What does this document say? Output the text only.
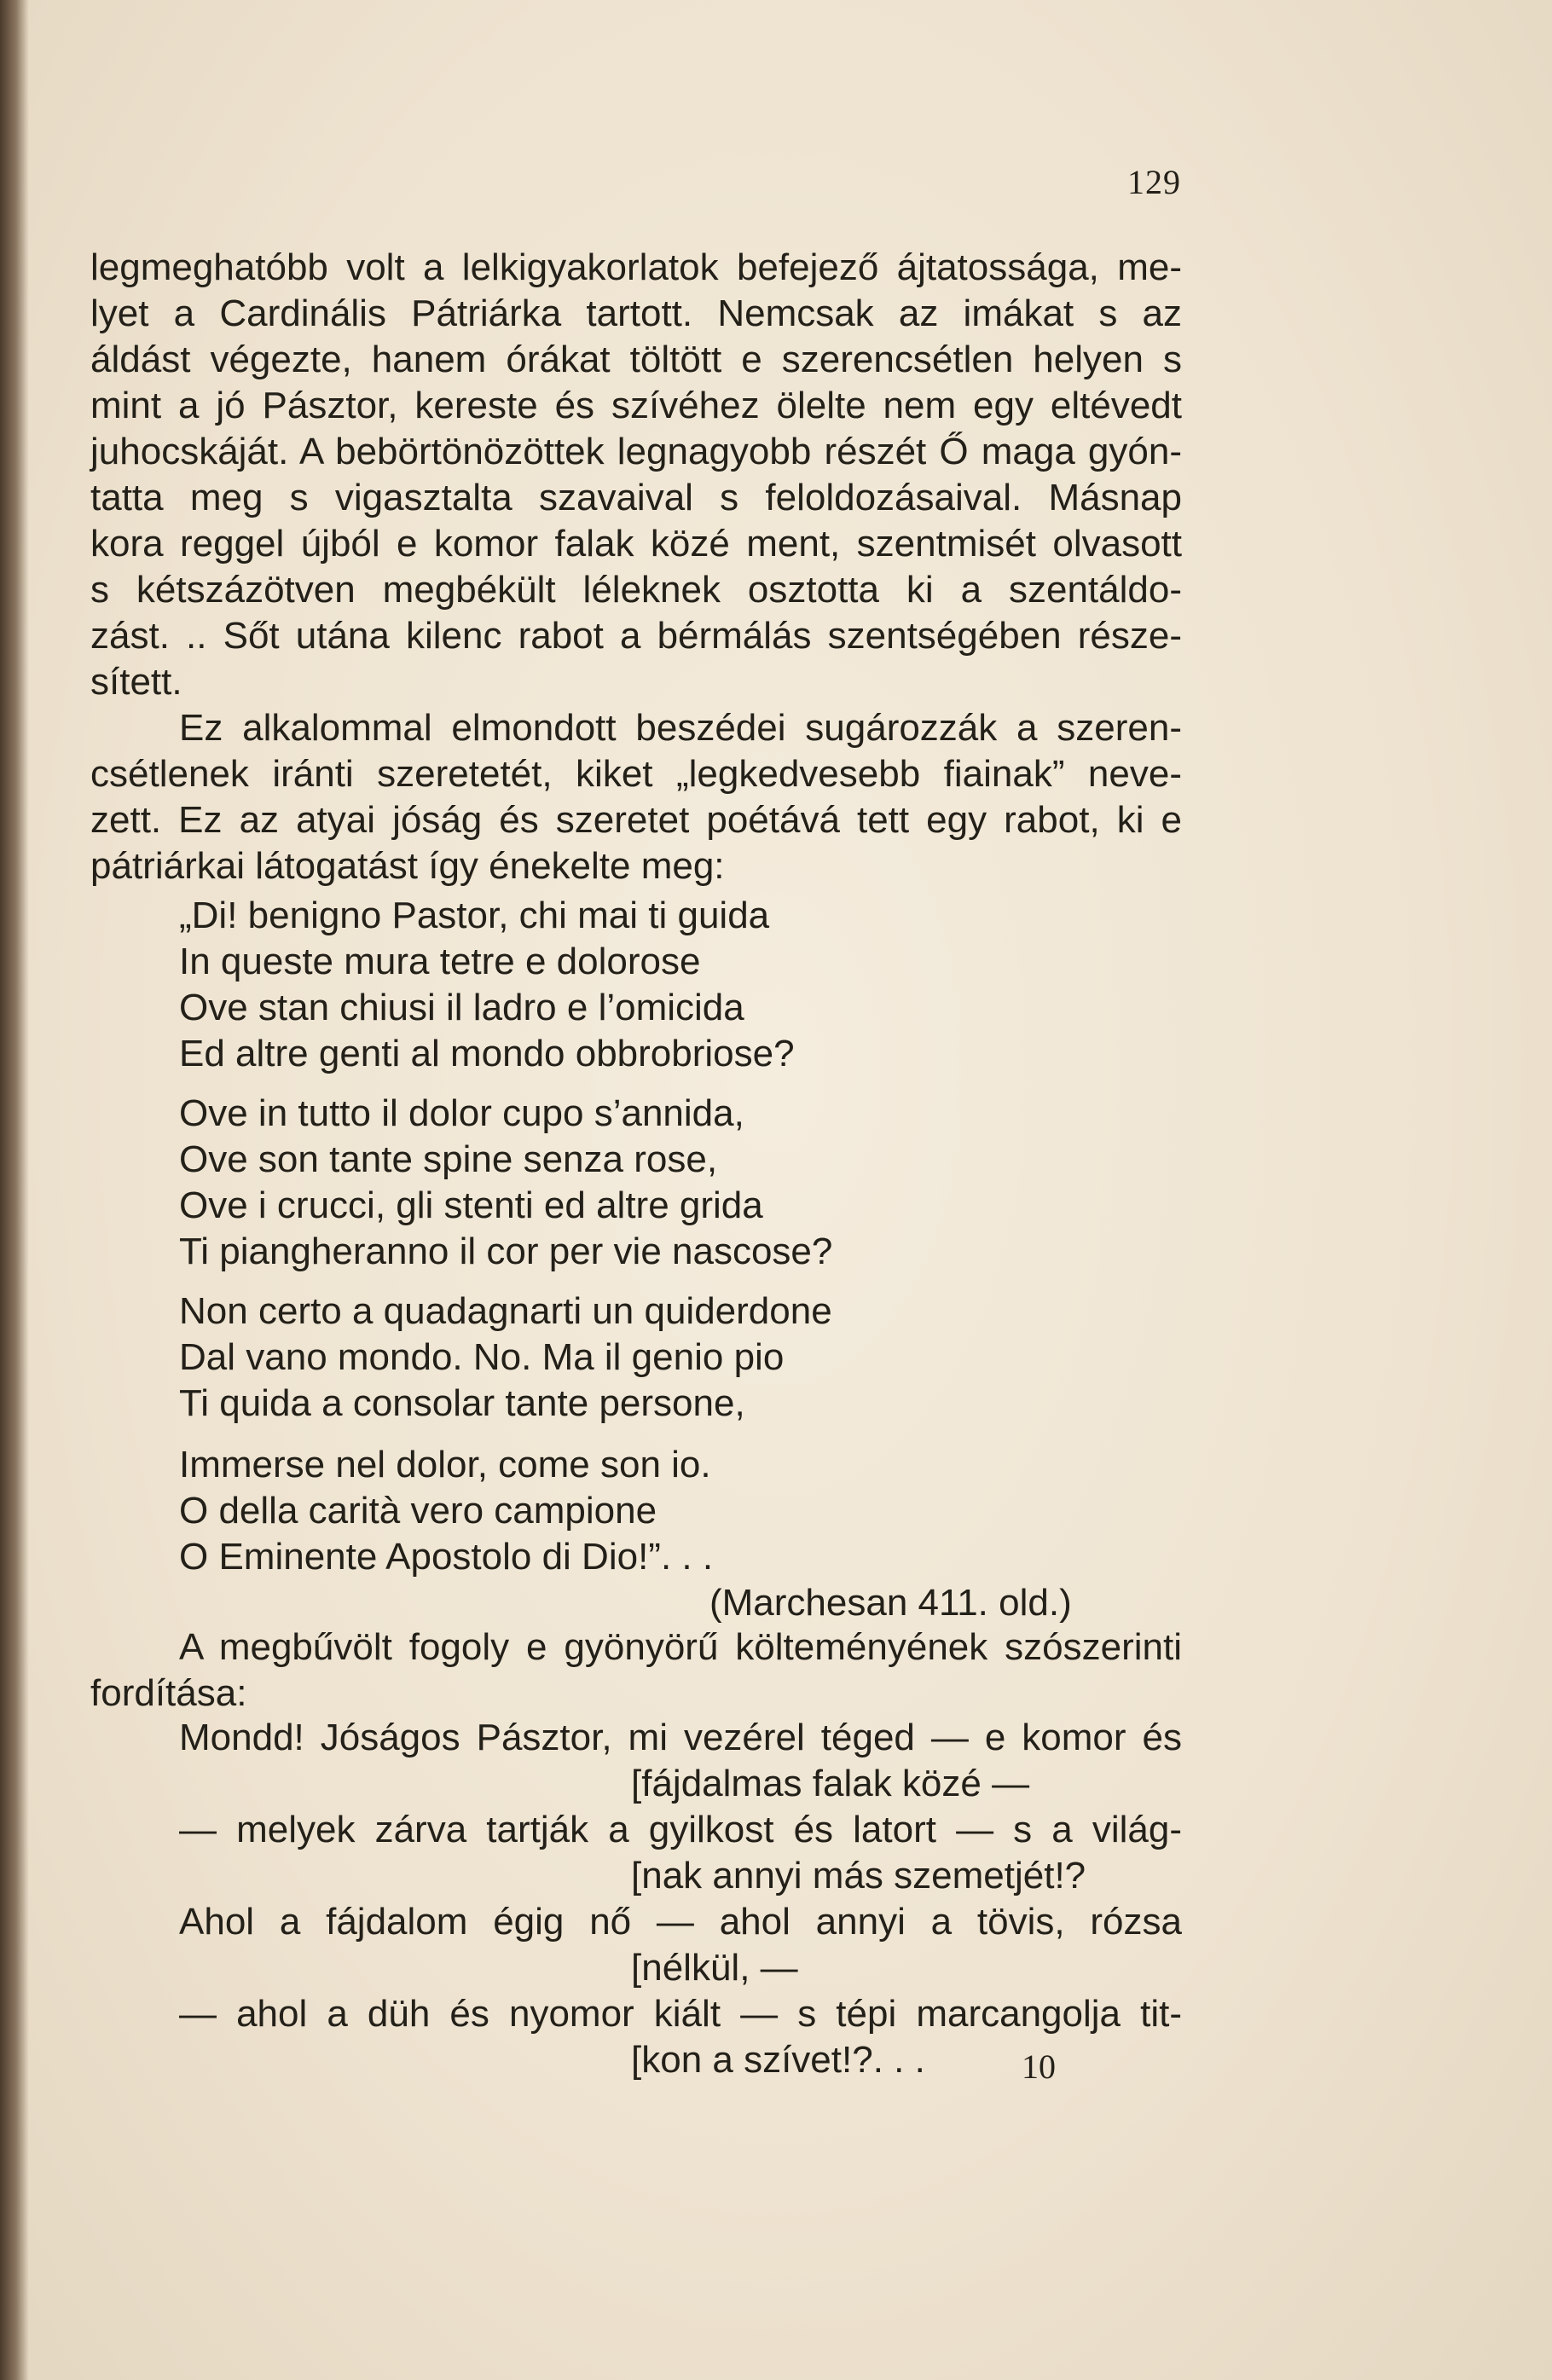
129
legmeghatóbb volt a lelkigyakorlatok befejező ájtatossága, me-
lyet a Cardinális Pátriárka tartott. Nemcsak az imákat s az
áldást végezte, hanem órákat töltött e szerencsétlen helyen s
mint a jó Pásztor, kereste és szívéhez ölelte nem egy eltévedt
juhocskáját. A bebörtönözöttek legnagyobb részét Ő maga gyón-
tatta meg s vigasztalta szavaival s feloldozásaival. Másnap
kora reggel újból e komor falak közé ment, szentmisét olvasott
s kétszázötven megbékült léleknek osztotta ki a szentáldo-
zást. .. Sőt utána kilenc rabot a bérmálás szentségében része-
sített.
Ez alkalommal elmondott beszédei sugározzák a szeren-
csétlenek iránti szeretetét, kiket „legkedvesebb fiainak” neve-
zett. Ez az atyai jóság és szeretet poétává tett egy rabot, ki e
pátriárkai látogatást így énekelte meg:
„Di! benigno Pastor, chi mai ti guida
In queste mura tetre e dolorose
Ove stan chiusi il ladro e l’omicida
Ed altre genti al mondo obbrobriose?
Ove in tutto il dolor cupo s’annida,
Ove son tante spine senza rose,
Ove i crucci, gli stenti ed altre grida
Ti piangheranno il cor per vie nascose?
Non certo a quadagnarti un quiderdone
Dal vano mondo. No. Ma il genio pio
Ti quida a consolar tante persone,
Immerse nel dolor, come son io.
O della carità vero campione
O Eminente Apostolo di Dio!”. . .
(Marchesan 411. old.)
A megbűvölt fogoly e gyönyörű költeményének szószerinti
fordítása:
Mondd! Jóságos Pásztor, mi vezérel téged — e komor és
[fájdalmas falak közé —
— melyek zárva tartják a gyilkost és latort — s a világ-
[nak annyi más szemetjét!?
Ahol a fájdalom égig nő — ahol annyi a tövis, rózsa
[nélkül, —
— ahol a düh és nyomor kiált — s tépi marcangolja tit-
[kon a szívet!?. . .	10
